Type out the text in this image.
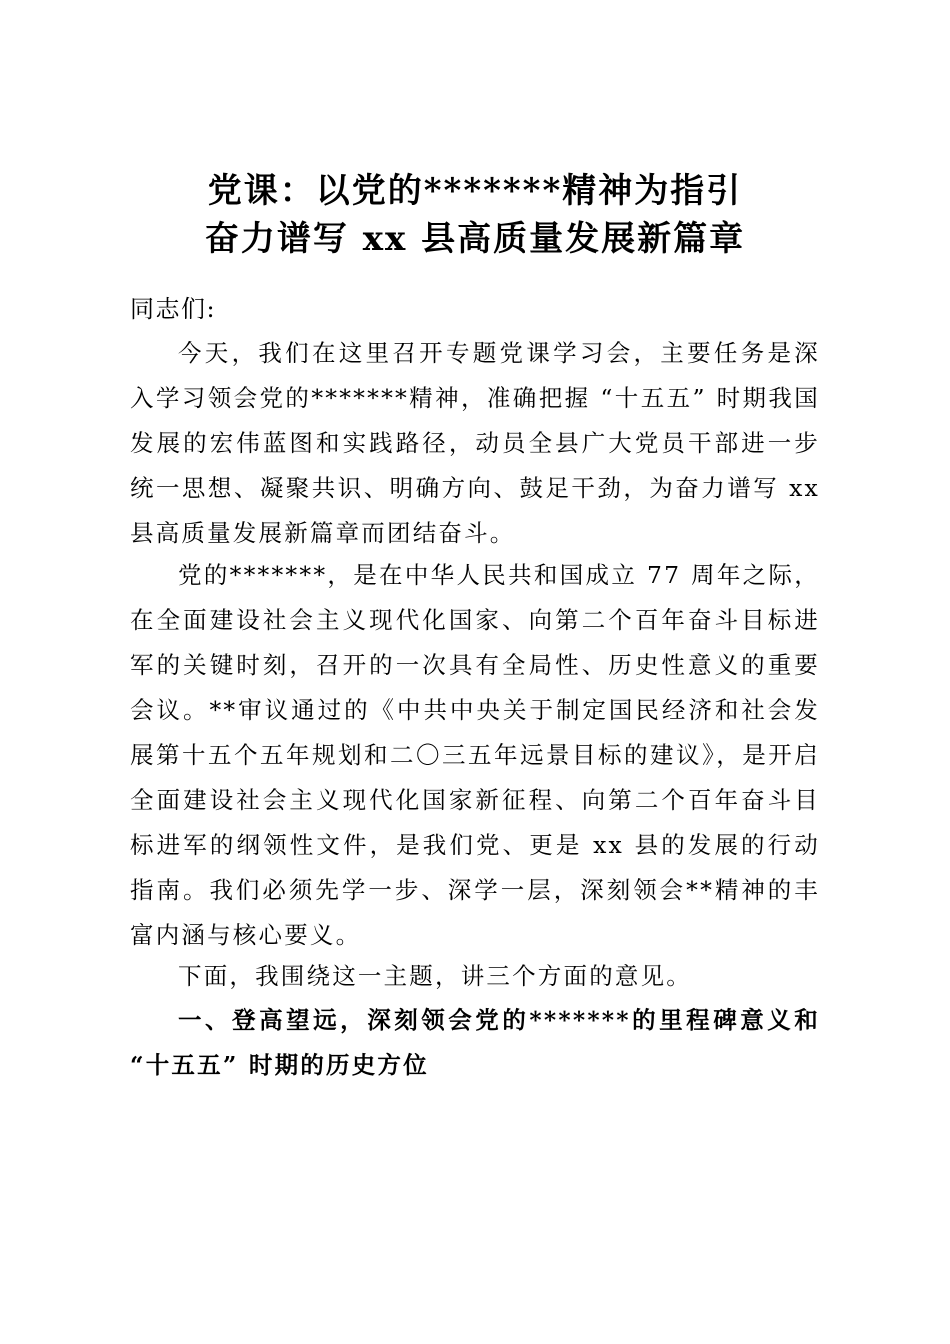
党课：以党的*******精神为指引
奋力谱写 xx 县高质量发展新篇章
同志们:
今天，我们在这里召开专题党课学习会，主要任务是深入学习领会党的*******精神，准确把握 “十五五” 时期我国发展的宏伟蓝图和实践路径，动员全县广大党员干部进一步统一思想、凝聚共识、明确方向、鼓足干劲，为奋力谱写 xx 县高质量发展新篇章而团结奋斗。
党的*******，是在中华人民共和国成立 77 周年之际，在全面建设社会主义现代化国家、向第二个百年奋斗目标进军的关键时刻，召开的一次具有全局性、历史性意义的重要会议。**审议通过的《中共中央关于制定国民经济和社会发展第十五个五年规划和二〇三五年远景目标的建议》，是开启全面建设社会主义现代化国家新征程、向第二个百年奋斗目标进军的纲领性文件，是我们党、更是 xx 县的发展的行动指南。我们必须先学一步、深学一层，深刻领会**精神的丰富内涵与核心要义。
下面，我围绕这一主题，讲三个方面的意见。
一、登高望远，深刻领会党的*******的里程碑意义和 “十五五” 时期的历史方位
